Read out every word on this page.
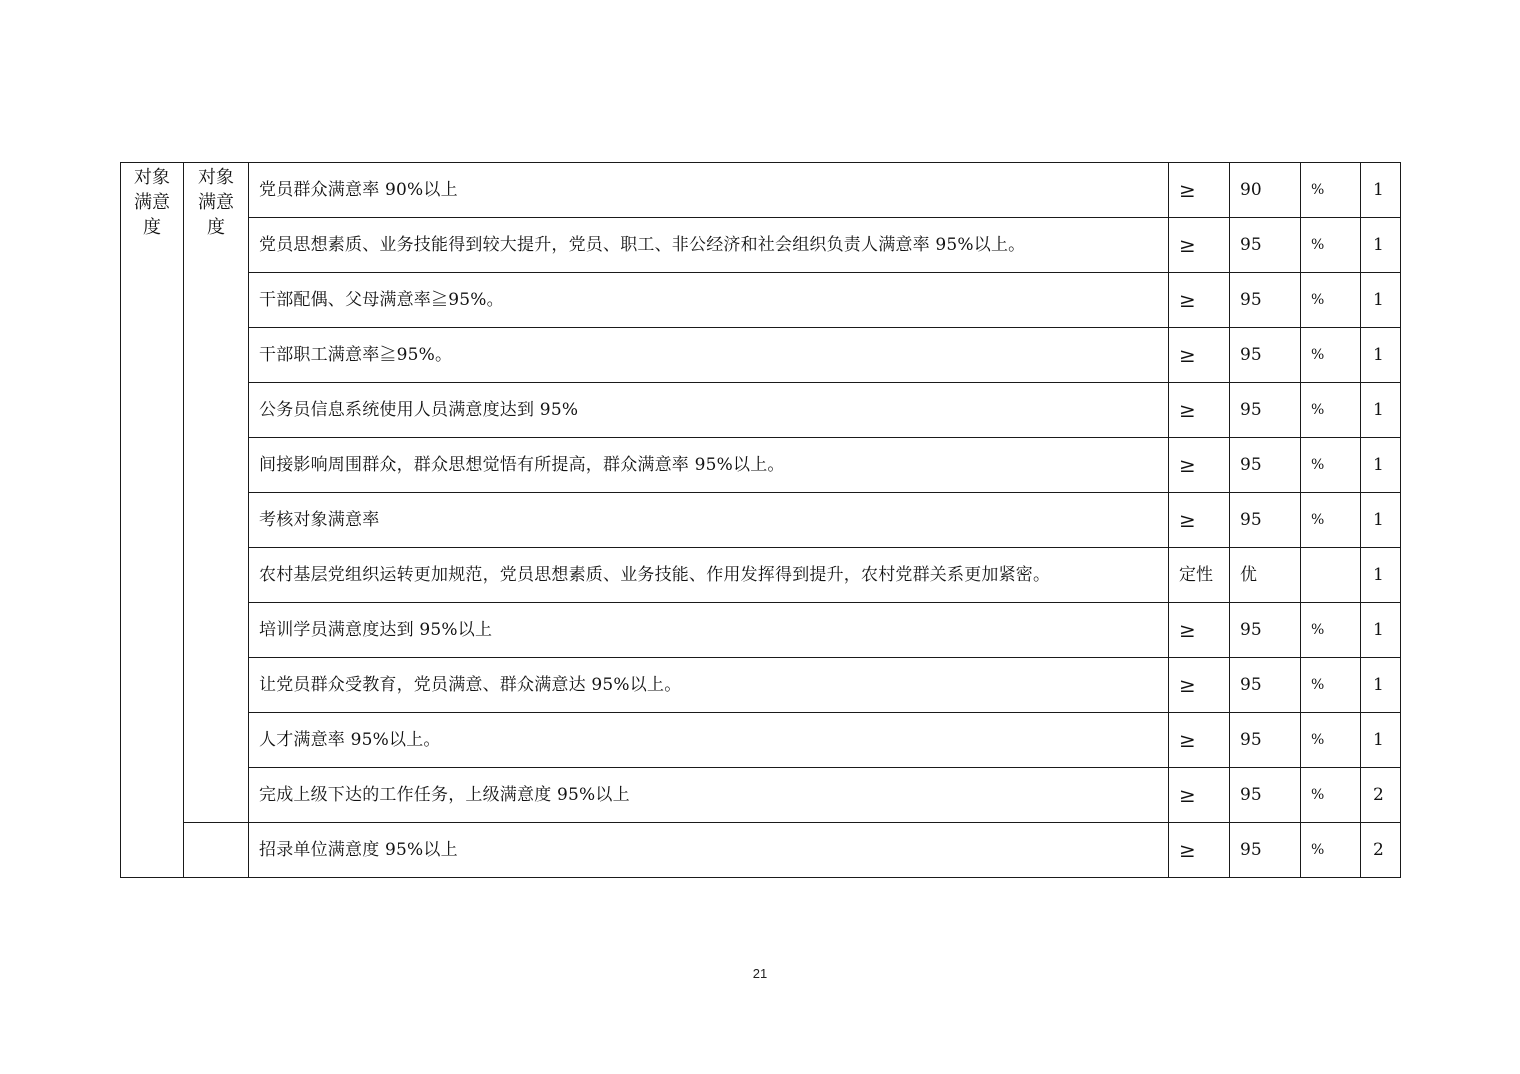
对象满意度	对象满意度	党员群众满意率 90%以上	≥	90	%	1
		党员思想素质、业务技能得到较大提升，党员、职工、非公经济和社会组织负责人满意率 95%以上。	≥	95	%	1
		干部配偶、父母满意率≧95%。	≥	95	%	1
		干部职工满意率≧95%。	≥	95	%	1
		公务员信息系统使用人员满意度达到 95%	≥	95	%	1
		间接影响周围群众，群众思想觉悟有所提高，群众满意率 95%以上。	≥	95	%	1
		考核对象满意率	≥	95	%	1
		农村基层党组织运转更加规范，党员思想素质、业务技能、作用发挥得到提升，农村党群关系更加紧密。	定性	优		1
		培训学员满意度达到 95%以上	≥	95	%	1
		让党员群众受教育，党员满意、群众满意达 95%以上。	≥	95	%	1
		人才满意率 95%以上。	≥	95	%	1
		完成上级下达的工作任务，上级满意度 95%以上	≥	95	%	2
		招录单位满意度 95%以上	≥	95	%	2
21
